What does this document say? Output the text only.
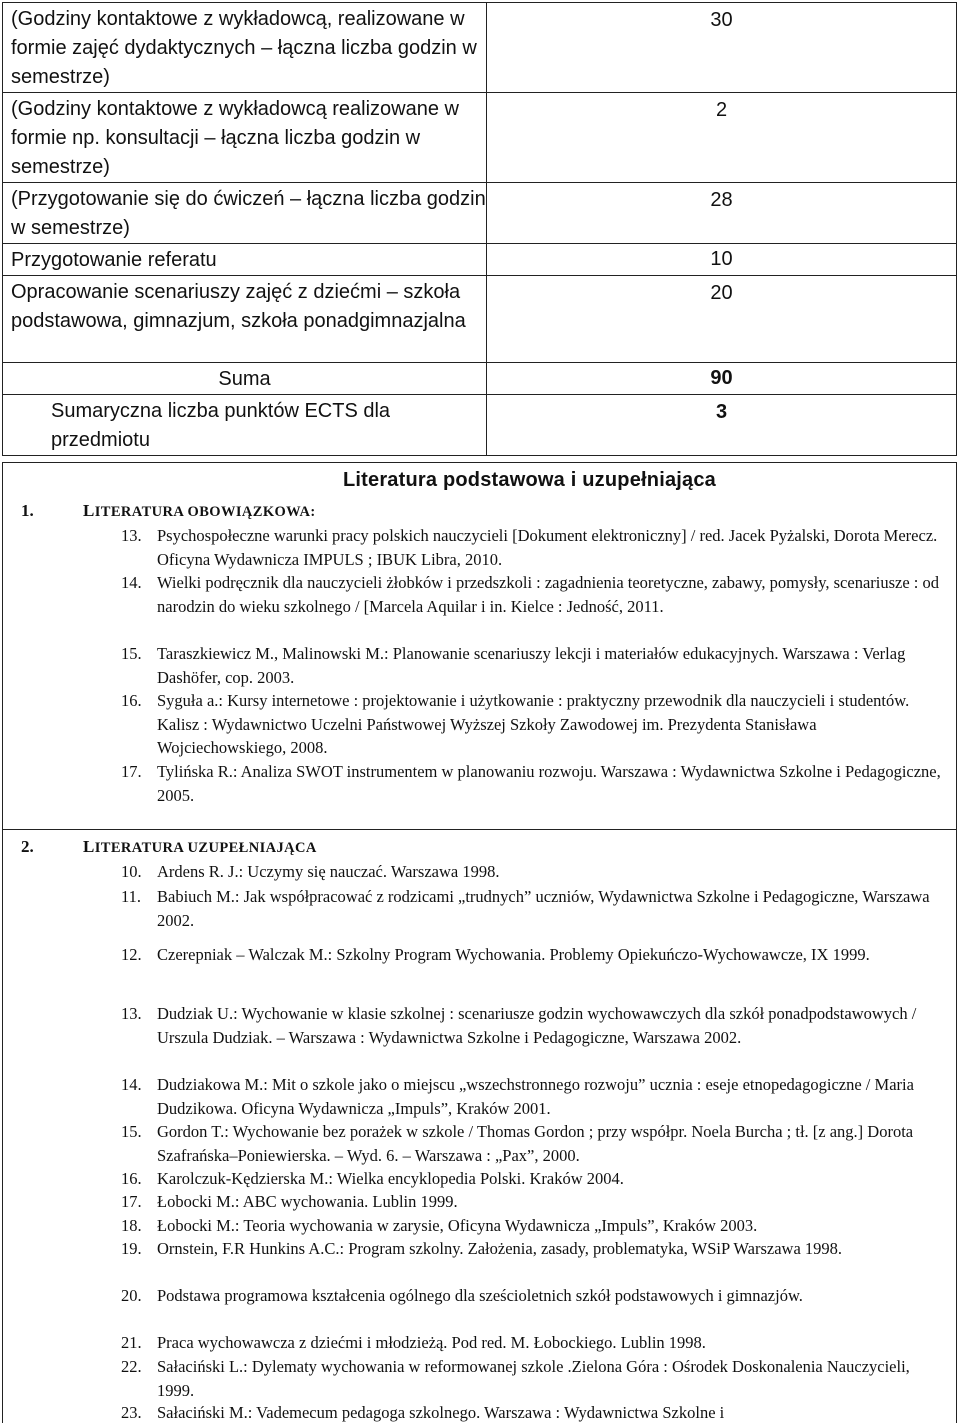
(Godziny kontaktowe z wykładowcą, realizowane w formie zajęć dydaktycznych – łączna liczba godzin w semestrze)	30

(Godziny kontaktowe z wykładowcą realizowane w formie np. konsultacji – łączna liczba godzin w semestrze)	2

(Przygotowanie się do ćwiczeń – łączna liczba godzin w semestrze)	28

Przygotowanie referatu	10

Opracowanie scenariuszy zajęć z dziećmi – szkoła podstawowa, gimnazjum, szkoła ponadgimnazjalna	20

Suma	90

Sumaryczna liczba punktów ECTS dla przedmiotu	3
Literatura podstawowa i uzupełniająca
1.	LITERATURA OBOWIĄZKOWA:
13. Psychospołeczne warunki pracy polskich nauczycieli [Dokument elektroniczny] / red. Jacek Pyżalski, Dorota Merecz. Oficyna Wydawnicza IMPULS ; IBUK Libra, 2010.
14. Wielki podręcznik dla nauczycieli żłobków i przedszkoli : zagadnienia teoretyczne, zabawy, pomysły, scenariusze : od narodzin do wieku szkolnego / [Marcela Aquilar i in. Kielce : Jedność, 2011.
15. Taraszkiewicz M., Malinowski M.: Planowanie scenariuszy lekcji i materiałów edukacyjnych. Warszawa : Verlag Dashöfer, cop. 2003.
16. Syguła a.: Kursy internetowe : projektowanie i użytkowanie : praktyczny przewodnik dla nauczycieli i studentów. Kalisz : Wydawnictwo Uczelni Państwowej Wyższej Szkoły Zawodowej im. Prezydenta Stanisława Wojciechowskiego, 2008.
17. Tylińska R.: Analiza SWOT instrumentem w planowaniu rozwoju. Warszawa : Wydawnictwa Szkolne i Pedagogiczne, 2005.
2.	LITERATURA UZUPEŁNIAJĄCA
10. Ardens R. J.: Uczymy się nauczać. Warszawa 1998.
11. Babiuch M.: Jak współpracować z rodzicami „trudnych” uczniów, Wydawnictwa Szkolne i Pedagogiczne, Warszawa 2002.
12. Czerepniak – Walczak M.: Szkolny Program Wychowania. Problemy Opiekuńczo-Wychowawcze, IX 1999.
13. Dudziak U.: Wychowanie w klasie szkolnej : scenariusze godzin wychowawczych dla szkół ponadpodstawowych / Urszula Dudziak. – Warszawa : Wydawnictwa Szkolne i Pedagogiczne, Warszawa 2002.
14. Dudziakowa M.: Mit o szkole jako o miejscu „wszechstronnego rozwoju” ucznia : eseje etnopedagogiczne / Maria Dudzikowa. Oficyna Wydawnicza „Impuls”, Kraków 2001.
15. Gordon T.: Wychowanie bez porażek w szkole / Thomas Gordon ; przy współpr. Noela Burcha ; tł. [z ang.] Dorota Szafrańska–Poniewierska. – Wyd. 6. – Warszawa : „Pax”, 2000.
16. Karolczuk-Kędzierska M.: Wielka encyklopedia Polski. Kraków 2004.
17. Łobocki M.: ABC wychowania. Lublin 1999.
18. Łobocki M.: Teoria wychowania w zarysie, Oficyna Wydawnicza „Impuls”, Kraków 2003.
19. Ornstein, F.R Hunkins A.C.: Program szkolny. Założenia, zasady, problematyka, WSiP Warszawa 1998.
20. Podstawa programowa kształcenia ogólnego dla sześcioletnich szkół podstawowych i gimnazjów.
21. Praca wychowawcza z dziećmi i młodzieżą. Pod red. M. Łobockiego. Lublin 1998.
22. Sałaciński L.: Dylematy wychowania w reformowanej szkole .Zielona Góra : Ośrodek Doskonalenia Nauczycieli, 1999.
23. Sałaciński M.: Vademecum pedagoga szkolnego. Warszawa : Wydawnictwa Szkolne i
